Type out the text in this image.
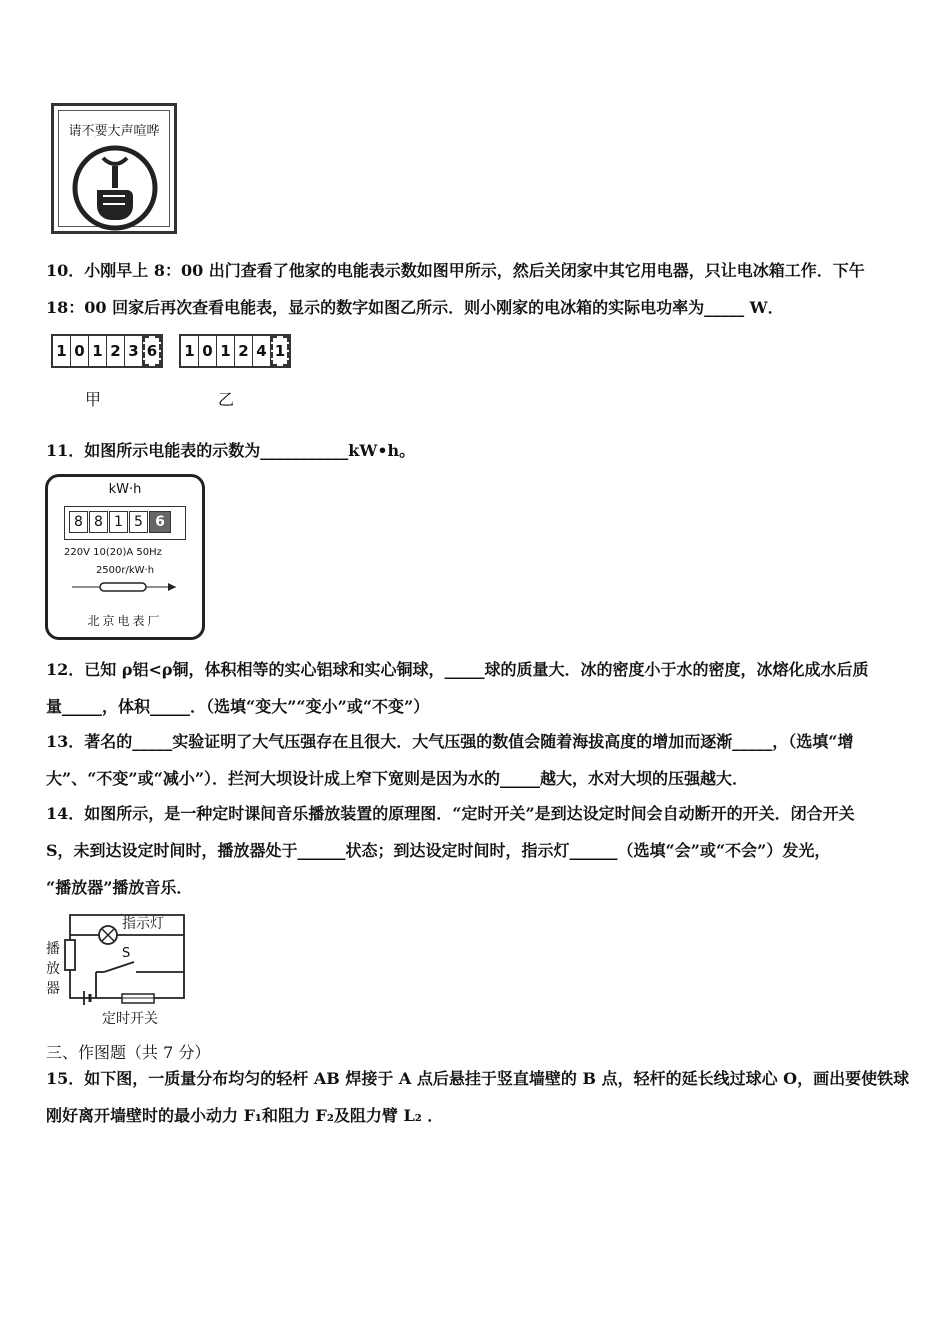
请不要大声喧哗
10．小刚早上 8：00 出门查看了他家的电能表示数如图甲所示，然后关闭家中其它用电器，只让电冰箱工作．下午
18：00 回家后再次查看电能表，显示的数字如图乙所示．则小刚家的电冰箱的实际电功率为_____ W．
1 0 1 2 3 6 1 0 1 2 4 1
甲	乙
11．如图所示电能表的示数为___________kW•h。
kW·h
8 8 1 5 6
220V 10(20)A 50Hz
2500r/kW·h
北京电表厂
12．已知 ρ铝<ρ铜，体积相等的实心铝球和实心铜球，_____球的质量大．冰的密度小于水的密度，冰熔化成水后质
量_____，体积_____．（选填“变大”“变小”或“不变”）
13．著名的_____实验证明了大气压强存在且很大．大气压强的数值会随着海拔高度的增加而逐渐_____，（选填“增
大”、“不变”或“减小”）．拦河大坝设计成上窄下宽则是因为水的_____越大，水对大坝的压强越大．
14．如图所示，是一种定时课间音乐播放装置的原理图．“定时开关”是到达设定时间会自动断开的开关．闭合开关
S，未到达设定时间时，播放器处于______状态；到达设定时间时，指示灯______（选填“会”或“不会”）发光，
“播放器”播放音乐．
指示灯
S
播
放
器
定时开关
三、作图题（共 7 分）
15．如下图，一质量分布均匀的轻杆 AB 焊接于 A 点后悬挂于竖直墙壁的 B 点，轻杆的延长线过球心 O，画出要使铁球
刚好离开墙壁时的最小动力 F₁和阻力 F₂及阻力臂 L₂ ．
